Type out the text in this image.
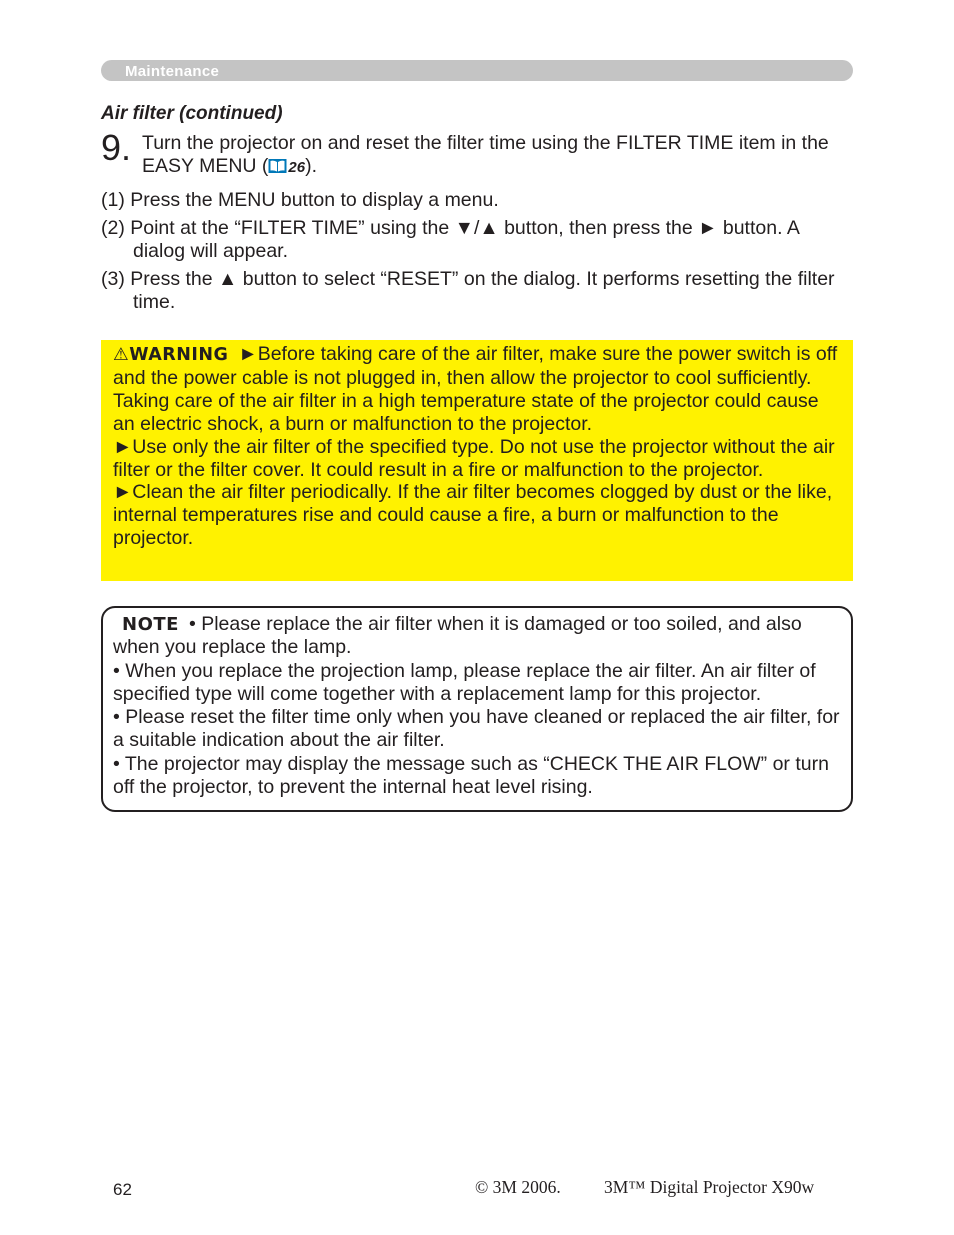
Maintenance
Air filter (continued)
9. Turn the projector on and reset the filter time using the FILTER TIME item in the EASY MENU ( 26).
(1) Press the MENU button to display a menu.
(2) Point at the “FILTER TIME” using the ▼/▲ button, then press the ► button. A dialog will appear.
(3) Press the ▲ button to select “RESET” on the dialog. It performs resetting the filter time.

⚠WARNING ►Before taking care of the air filter, make sure the power switch is off and the power cable is not plugged in, then allow the projector to cool sufficiently. Taking care of the air filter in a high temperature state of the projector could cause an electric shock, a burn or malfunction to the projector.

►Use only the air filter of the specified type. Do not use the projector without the air filter or the filter cover. It could result in a fire or malfunction to the projector.

►Clean the air filter periodically. If the air filter becomes clogged by dust or the like, internal temperatures rise and could cause a fire, a burn or malfunction to the projector.

NOTE • Please replace the air filter when it is damaged or too soiled, and also when you replace the lamp.

• When you replace the projection lamp, please replace the air filter. An air filter of specified type will come together with a replacement lamp for this projector.

• Please reset the filter time only when you have cleaned or replaced the air filter, for a suitable indication about the air filter.

• The projector may display the message such as “CHECK THE AIR FLOW” or turn off the projector, to prevent the internal heat level rising.

62	© 3M 2006. 3M™ Digital Projector X90w
